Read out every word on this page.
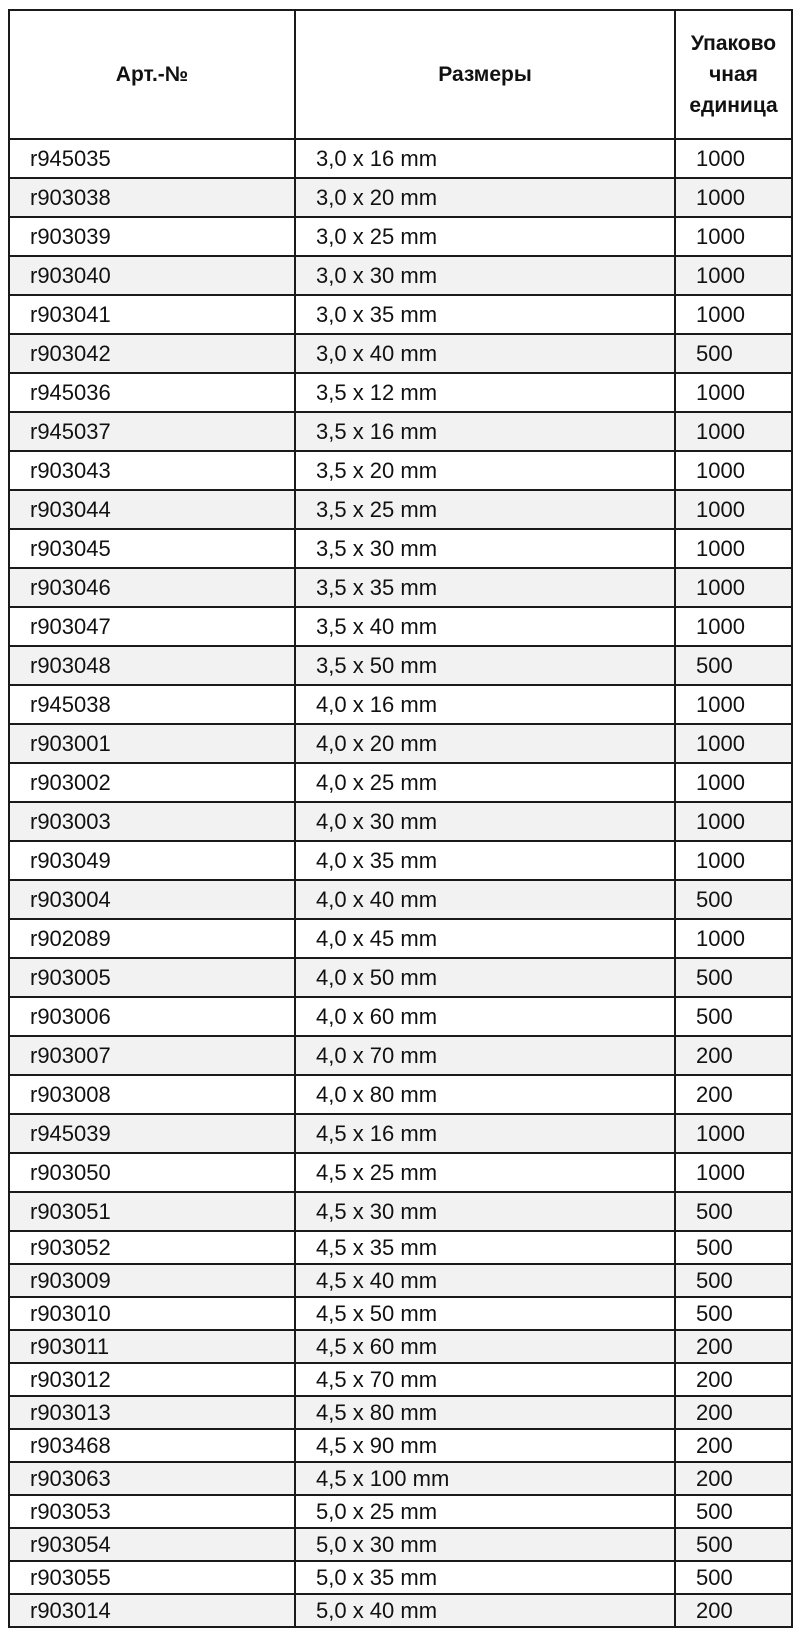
Арт.-№	Размеры	Упаково
чная
единица
r945035	3,0 x 16 mm	1000
r903038	3,0 x 20 mm	1000
r903039	3,0 x 25 mm	1000
r903040	3,0 x 30 mm	1000
r903041	3,0 x 35 mm	1000
r903042	3,0 x 40 mm	500
r945036	3,5 x 12 mm	1000
r945037	3,5 x 16 mm	1000
r903043	3,5 x 20 mm	1000
r903044	3,5 x 25 mm	1000
r903045	3,5 x 30 mm	1000
r903046	3,5 x 35 mm	1000
r903047	3,5 x 40 mm	1000
r903048	3,5 x 50 mm	500
r945038	4,0 x 16 mm	1000
r903001	4,0 x 20 mm	1000
r903002	4,0 x 25 mm	1000
r903003	4,0 x 30 mm	1000
r903049	4,0 x 35 mm	1000
r903004	4,0 x 40 mm	500
r902089	4,0 x 45 mm	1000
r903005	4,0 x 50 mm	500
r903006	4,0 x 60 mm	500
r903007	4,0 x 70 mm	200
r903008	4,0 x 80 mm	200
r945039	4,5 x 16 mm	1000
r903050	4,5 x 25 mm	1000
r903051	4,5 x 30 mm	500
r903052	4,5 x 35 mm	500
r903009	4,5 x 40 mm	500
r903010	4,5 x 50 mm	500
r903011	4,5 x 60 mm	200
r903012	4,5 x 70 mm	200
r903013	4,5 x 80 mm	200
r903468	4,5 x 90 mm	200
r903063	4,5 x 100 mm	200
r903053	5,0 x 25 mm	500
r903054	5,0 x 30 mm	500
r903055	5,0 x 35 mm	500
r903014	5,0 x 40 mm	200
